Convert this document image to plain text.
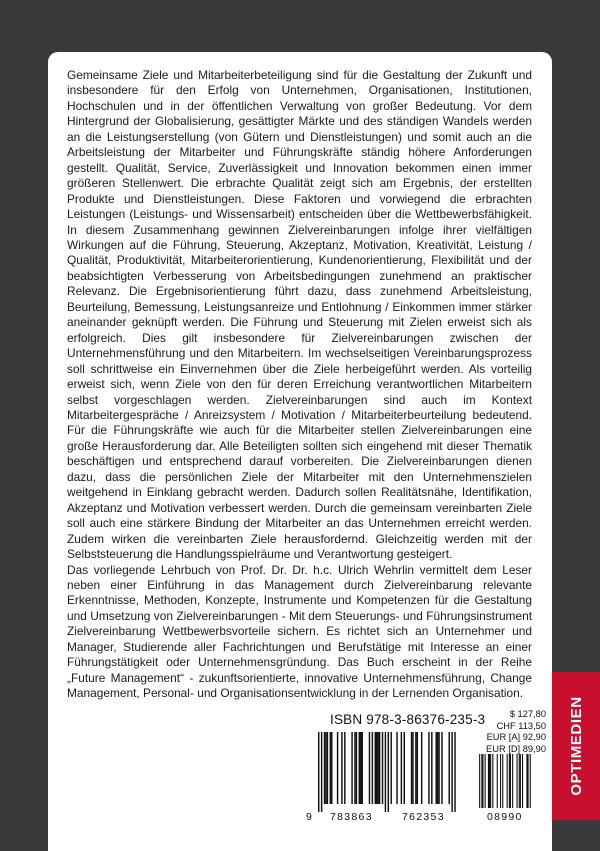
Gemeinsame Ziele und Mitarbeiterbeteiligung sind für die Gestaltung der Zukunft und insbesondere für den Erfolg von Unternehmen, Organisationen, Institutionen, Hochschulen und in der öffentlichen Verwaltung von großer Bedeutung. Vor dem Hintergrund der Globalisierung, gesättigter Märkte und des ständigen Wandels werden an die Leistungserstellung (von Gütern und Dienstleistungen) und somit auch an die Arbeitsleistung der Mitarbeiter und Führungskräfte ständig höhere Anforderungen gestellt. Qualität, Service, Zuverlässigkeit und Innovation bekommen einen immer größeren Stellenwert. Die erbrachte Qualität zeigt sich am Ergebnis, der erstellten Produkte und Dienstleistungen. Diese Faktoren und vorwiegend die erbrachten Leistungen (Leistungs- und Wissensarbeit) entscheiden über die Wettbewerbsfähigkeit. In diesem Zusammenhang gewinnen Zielvereinbarungen infolge ihrer vielfältigen Wirkungen auf die Führung, Steuerung, Akzeptanz, Motivation, Kreativität, Leistung / Qualität, Produktivität, Mitarbeiterorientierung, Kundenorientierung, Flexibilität und der beabsichtigten Verbesserung von Arbeitsbedingungen zunehmend an praktischer Relevanz. Die Ergebnisorientierung führt dazu, dass zunehmend Arbeitsleistung, Beurteilung, Bemessung, Leistungsanreize und Entlohnung / Einkommen immer stärker aneinander geknüpft werden. Die Führung und Steuerung mit Zielen erweist sich als erfolgreich. Dies gilt insbesondere für Zielvereinbarungen zwischen der Unternehmensführung und den Mitarbeitern. Im wechselseitigen Vereinbarungsprozess soll schrittweise ein Einvernehmen über die Ziele herbeigeführt werden. Als vorteilig erweist sich, wenn Ziele von den für deren Erreichung verantwortlichen Mitarbeitern selbst vorgeschlagen werden. Zielvereinbarungen sind auch im Kontext Mitarbeitergespräche / Anreizsystem / Motivation / Mitarbeiterbeurteilung bedeutend. Für die Führungskräfte wie auch für die Mitarbeiter stellen Zielvereinbarungen eine große Herausforderung dar. Alle Beteiligten sollten sich eingehend mit dieser Thematik beschäftigen und entsprechend darauf vorbereiten. Die Zielvereinbarungen dienen dazu, dass die persönlichen Ziele der Mitarbeiter mit den Unternehmenszielen weitgehend in Einklang gebracht werden. Dadurch sollen Realitätsnähe, Identifikation, Akzeptanz und Motivation verbessert werden. Durch die gemeinsam vereinbarten Ziele soll auch eine stärkere Bindung der Mitarbeiter an das Unternehmen erreicht werden. Zudem wirken die vereinbarten Ziele herausfordernd. Gleichzeitig werden mit der Selbststeuerung die Handlungsspielräume und Verantwortung gesteigert.

Das vorliegende Lehrbuch von Prof. Dr. Dr. h.c. Ulrich Wehrlin vermittelt dem Leser neben einer Einführung in das Management durch Zielvereinbarung relevante Erkenntnisse, Methoden, Konzepte, Instrumente und Kompetenzen für die Gestaltung und Umsetzung von Zielvereinbarungen - Mit dem Steuerungs- und Führungsinstrument Zielvereinbarung Wettbewerbsvorteile sichern. Es richtet sich an Unternehmer und Manager, Studierende aller Fachrichtungen und Berufstätige mit Interesse an einer Führungstätigkeit oder Unternehmensgründung. Das Buch erscheint in der Reihe „Future Management“ - zukunftsorientierte, innovative Unternehmensführung, Change Management, Personal- und Organisationsentwicklung in der Lernenden Organisation.

ISBN 978-3-86376-235-3	$ 127,80
CHF 113,50
EUR [A] 92,90
EUR [D] 89,90
9 783863	762353	08990
OPTIMEDIEN
